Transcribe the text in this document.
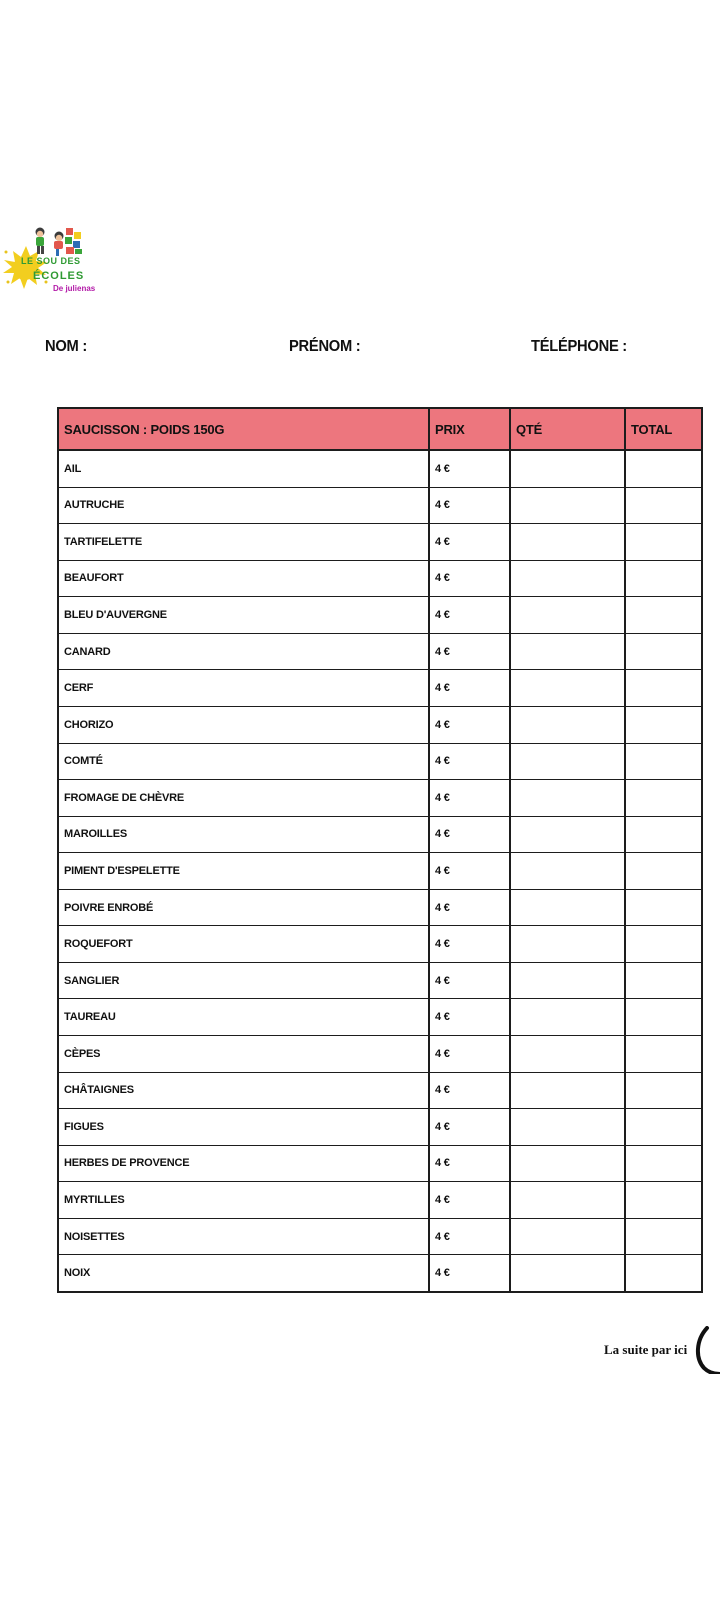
LE SOU DES
ÉCOLES
De julienas
NOM :	PRÉNOM :	TÉLÉPHONE :
SAUCISSON : POIDS 150G	PRIX	QTÉ	TOTAL
AIL	4 €
AUTRUCHE	4 €
TARTIFELETTE	4 €
BEAUFORT	4 €
BLEU D'AUVERGNE	4 €
CANARD	4 €
CERF	4 €
CHORIZO	4 €
COMTÉ	4 €
FROMAGE DE CHÈVRE	4 €
MAROILLES	4 €
PIMENT D'ESPELETTE	4 €
POIVRE ENROBÉ	4 €
ROQUEFORT	4 €
SANGLIER	4 €
TAUREAU	4 €
CÈPES	4 €
CHÂTAIGNES	4 €
FIGUES	4 €
HERBES DE PROVENCE	4 €
MYRTILLES	4 €
NOISETTES	4 €
NOIX	4 €
La suite par ici
